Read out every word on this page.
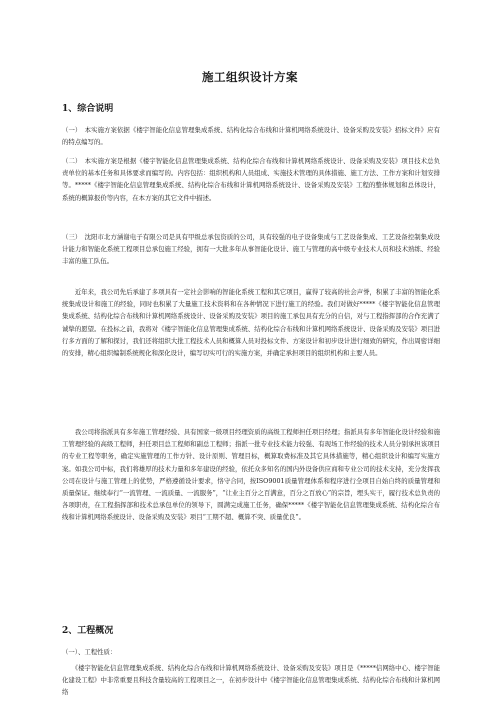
施工组织设计方案
1、综合说明

（一）　本实施方案依据《楼宇智能化信息管理集成系统、结构化综合布线和计算机网络系统设计、设备采购及安装》招标文件》应有的特点编写的。

（二）　本实施方案是根据《楼宇智能化信息管理集成系统、结构化综合布线和计算机网络系统设计、设备采购及安装》项目技术总负责单位的基本任务和具体要求而编写的。内容包括：组织机构和人员组成、实施技术管理的具体措施、施工方法、工作方案和计划安排等。*****《楼宇智能化信息管理集成系统、结构化综合布线和计算机网络系统设计、设备采购及安装》工程的整体规划和总体设计，系统的概算报价等内容，在本方案的其它文件中描述。

（三）　沈阳市北方涵谢电子有限公司是具有甲级总承包资质的公司，具有较强的电子设备集成与工艺设备集成、工艺设备控制集成设计能力和智能化系统工程项目总承包施工经验，拥有一大批多年从事智能化设计、施工与管理的高中级专业技术人员和技术熟练、经验丰富的施工队伍。

　　近年来，我公司先后承建了多项具有一定社会影响的智能化系统工程和其它项目，赢得了较高的社会声誉，积累了丰富的智能化系统集成设计和施工的经验，同时也积累了大量施工技术资料和在各种情况下进行施工的经验。我们对做好*****《楼宇智能化信息管理集成系统、结构化综合布线和计算机网络系统设计、设备采购及安装》项目的施工承包具有充分的自信，对与工程指挥部的合作充满了诚挚的愿望。在投标之前，我将对《楼宇智能化信息管理集成系统、结构化综合布线和计算机网络系统设计、设备采购及安装》项目进行多方面的了解和探讨，我们还将组织大批工程技术人员和概算人员对投标文件、方案设计和初步设计进行细致的研究，作出周密详细的安排，精心组织编制系统规化和深化设计，编写切实可行的实施方案，并确定承担项目的组织机构和主要人员。

　　我公司将指派具有多年施工管理经验、具有国家一级项目经理资质的高级工程师担任项目经理；指派具有多年智能化设计经验和施工管理经验的高级工程师，担任项目总工程师和副总工程师；指派一批专业技术能力较强、有现场工作经验的技术人员分别承担该项目的专业工程等职务，确定实施管理的工作方针、设计原则、管理目标，概算取费标准及其它具体措施等，精心组织设计和编写实施方案。如我公司中标，我们将雄厚的技术力量和多年建设的经验，依托众多知名的国内外设备供应商和专业公司的技术支持，充分发挥我公司在设计与施工管理上的优势，严格遵循设计要求，恪守合同，按ISO9001质量管理体系和程序进行全项目自始自终的质量管理和质量保证。继续奉行“一流管理、一流质量、一流服务”，“让业主百分之百满意，百分之百放心”的宗旨，埋头实干，履行技术总负责的各项职责，在工程指挥部和技术总承包单位的领导下，圆满完成施工任务，确保*****《楼宇智能化信息管理集成系统、结构化综合布线和计算机网络系统设计、设备采购及安装》项目“工期不超、概算不突、质量优良”。

2、工程概况

（一）、工程性质：

　　《楼宇智能化信息管理集成系统、结构化综合布线和计算机网络系统设计、设备采购及安装》项目是《*****信网络中心、楼宇智能化建设工程》中非常重要且科技含量较高的工程项目之一，在初步设计中《楼宇智能化信息管理集成系统、结构化综合布线和计算机网络
